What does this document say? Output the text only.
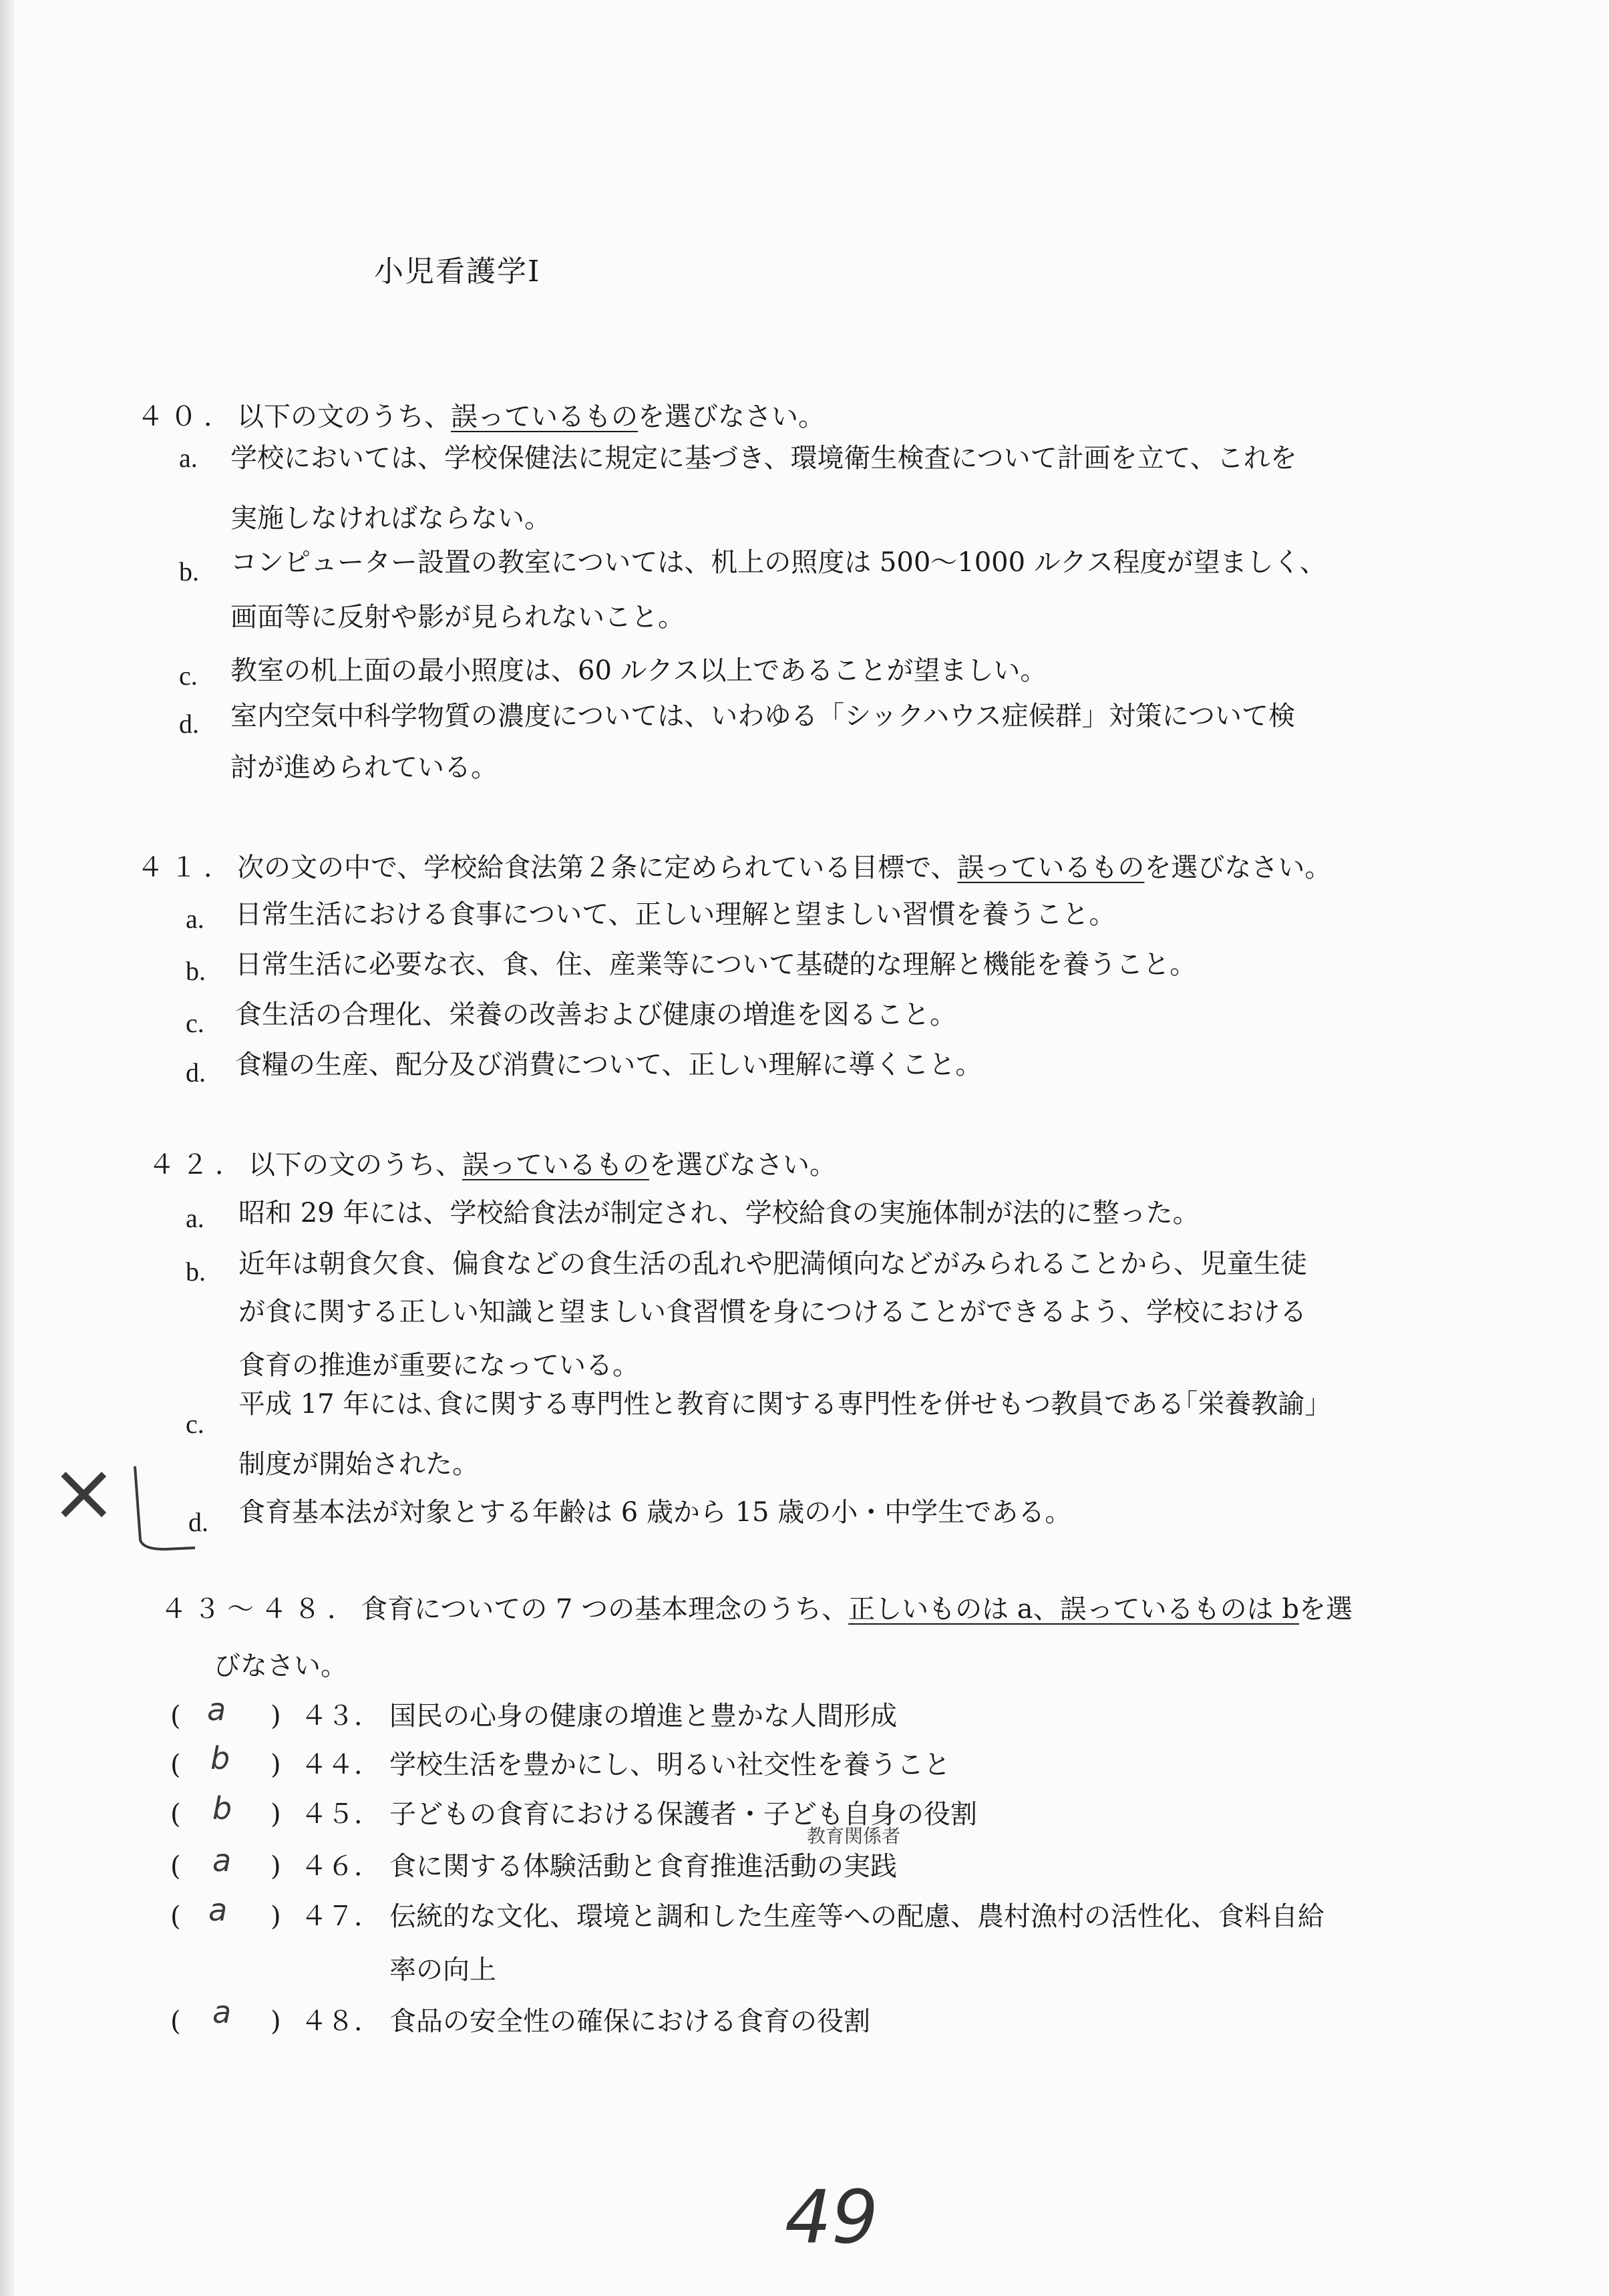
小児看護学Ⅰ
４０．以下の文のうち、誤っているものを選びなさい。
a. 学校においては、学校保健法に規定に基づき、環境衛生検査について計画を立て、これを
実施しなければならない。
b. コンピューター設置の教室については、机上の照度は 500～1000 ルクス程度が望ましく、
画面等に反射や影が見られないこと。
c. 教室の机上面の最小照度は、60 ルクス以上であることが望ましい。
d. 室内空気中科学物質の濃度については、いわゆる「シックハウス症候群」対策について検
討が進められている。
４１．次の文の中で、学校給食法第２条に定められている目標で、誤っているものを選びなさい。
a. 日常生活における食事について、正しい理解と望ましい習慣を養うこと。
b. 日常生活に必要な衣、食、住、産業等について基礎的な理解と機能を養うこと。
c. 食生活の合理化、栄養の改善および健康の増進を図ること。
d. 食糧の生産、配分及び消費について、正しい理解に導くこと。
４２．以下の文のうち、誤っているものを選びなさい。
a. 昭和 29 年には、学校給食法が制定され、学校給食の実施体制が法的に整った。
b. 近年は朝食欠食、偏食などの食生活の乱れや肥満傾向などがみられることから、児童生徒
が食に関する正しい知識と望ましい食習慣を身につけることができるよう、学校における
食育の推進が重要になっている。
c.
平成 17 年には､食に関する専門性と教育に関する専門性を併せもつ教員である｢栄養教諭｣
制度が開始された。
d. 食育基本法が対象とする年齢は 6 歳から 15 歳の小・中学生である。
×
４３～４８．食育についての 7 つの基本理念のうち、正しいものは a、誤っているものは bを選
びなさい。
( a ) ４３． 国民の心身の健康の増進と豊かな人間形成
( b ) ４４． 学校生活を豊かにし、明るい社交性を養うこと
( b ) ４５． 子どもの食育における保護者・子ども自身の役割
教育関係者
( a ) ４６． 食に関する体験活動と食育推進活動の実践
( a ) ４７． 伝統的な文化、環境と調和した生産等への配慮、農村漁村の活性化、食料自給
率の向上
( a ) ４８． 食品の安全性の確保における食育の役割
49
